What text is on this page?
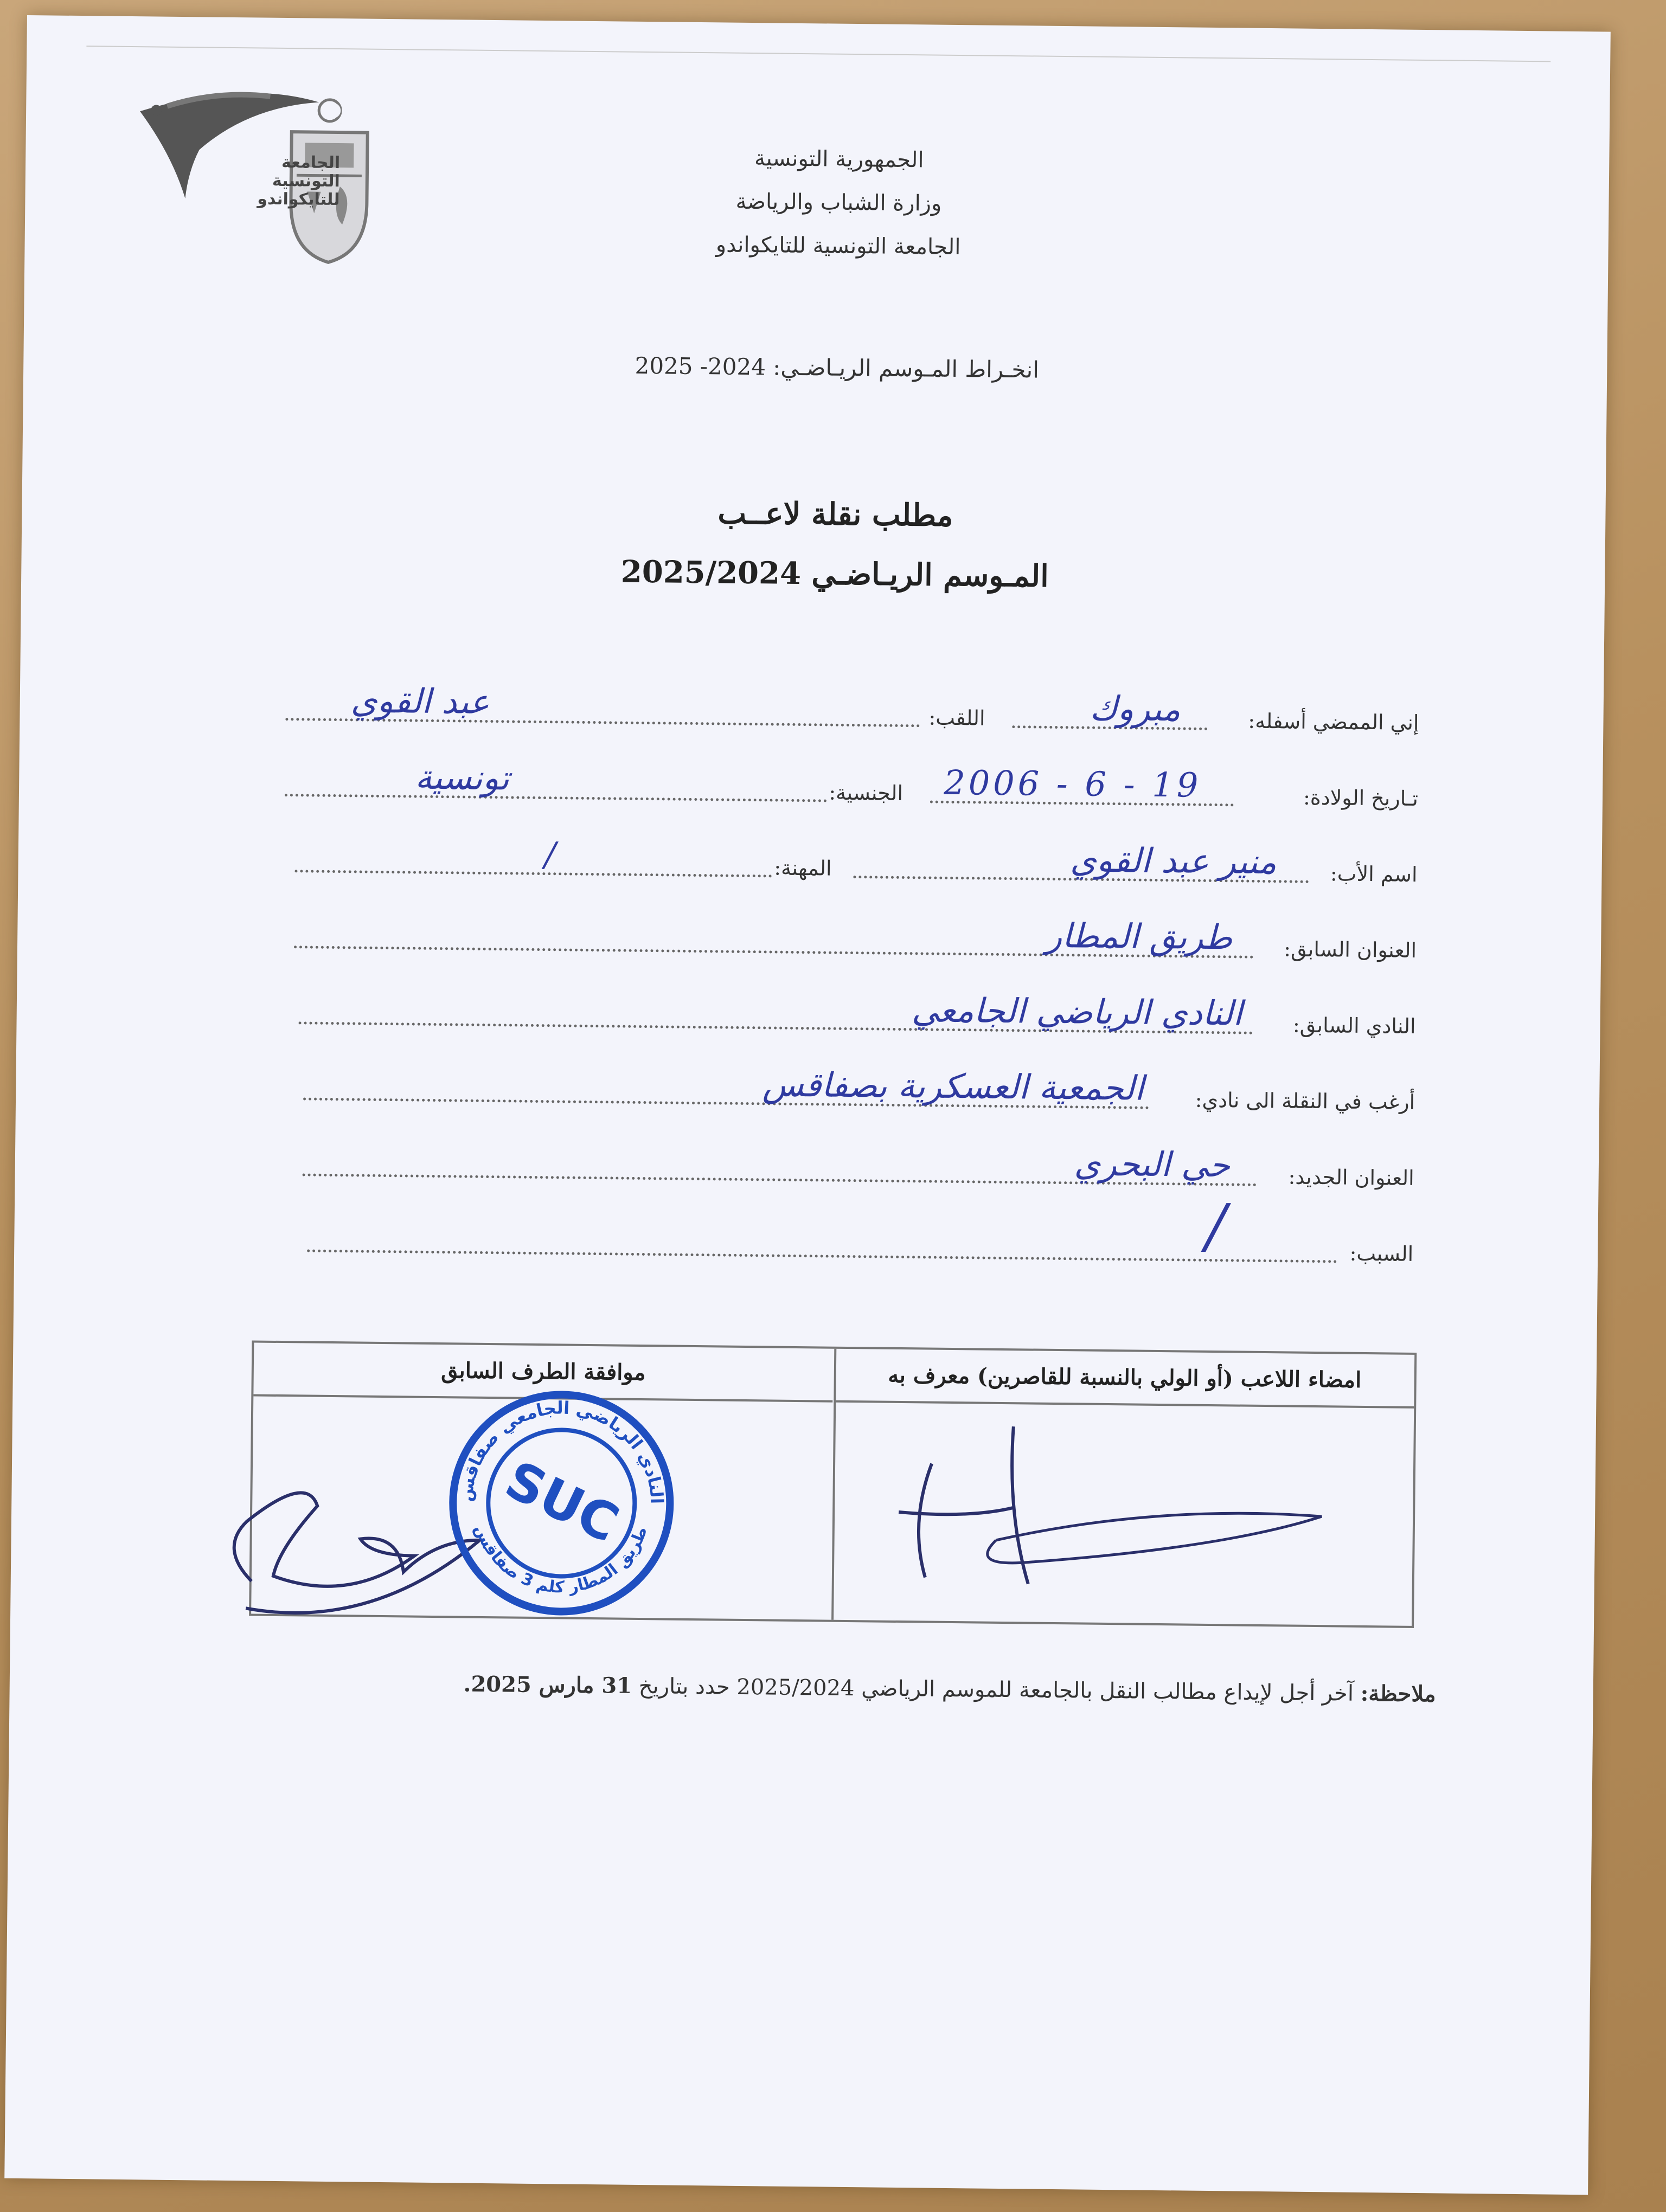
الجامعة
التونسية
للتايكواندو
الجمهورية التونسية
وزارة الشباب والرياضة
الجامعة التونسية للتايكواندو
انخـراط المـوسم الريـاضـي: 2024- 2025
مطلب نقلة لاعــب
المـوسم الريـاضـي 2025/2024
إني الممضي أسفله:
مبروك
اللقب:
عبد القوي
تـاريخ الولادة:
19 - 6 - 2006
الجنسية:
تونسية
اسم الأب:
منير عبد القوي
المهنة:
/
العنوان السابق:
طريق المطار
النادي السابق:
النادي الرياضي الجامعي
أرغب في النقلة الى نادي:
الجمعية العسكرية بصفاقس
العنوان الجديد:
حي البحري
السبب:
/
امضاء اللاعب (أو الولي بالنسبة للقاصرين) معرف به
موافقة الطرف السابق
النادي الرياضي الجامعي صفاقس
طريق المطار كلم 3 صفاقس
SUC
ملاحظة: آخر أجل لإيداع مطالب النقل بالجامعة للموسم الرياضي 2025/2024 حدد بتاريخ 31 مارس 2025.
